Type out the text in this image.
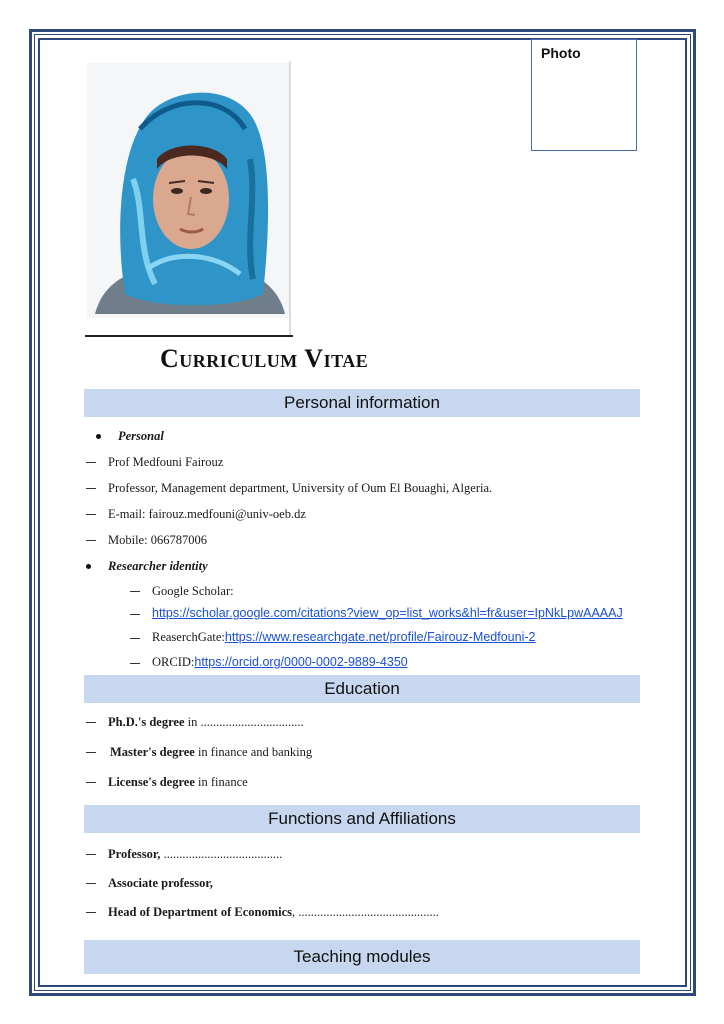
Photo
Curriculum Vitae
Personal information
Personal
Prof Medfouni Fairouz
Professor, Management department, University of Oum El Bouaghi, Algeria.
E-mail: fairouz.medfouni@univ-oeb.dz
Mobile: 066787006
Researcher identity
Google Scholar:
https://scholar.google.com/citations?view_op=list_works&hl=fr&user=IpNkLpwAAAAJ
ReaserchGate:https://www.researchgate.net/profile/Fairouz-Medfouni-2
ORCID:https://orcid.org/0000-0002-9889-4350
Education
Ph.D.'s degree in .................................
Master's degree in finance and banking
License's degree in finance
Functions and Affiliations
Professor, ......................................
Associate professor,
Head of Department of Economics, .............................................
Teaching modules
